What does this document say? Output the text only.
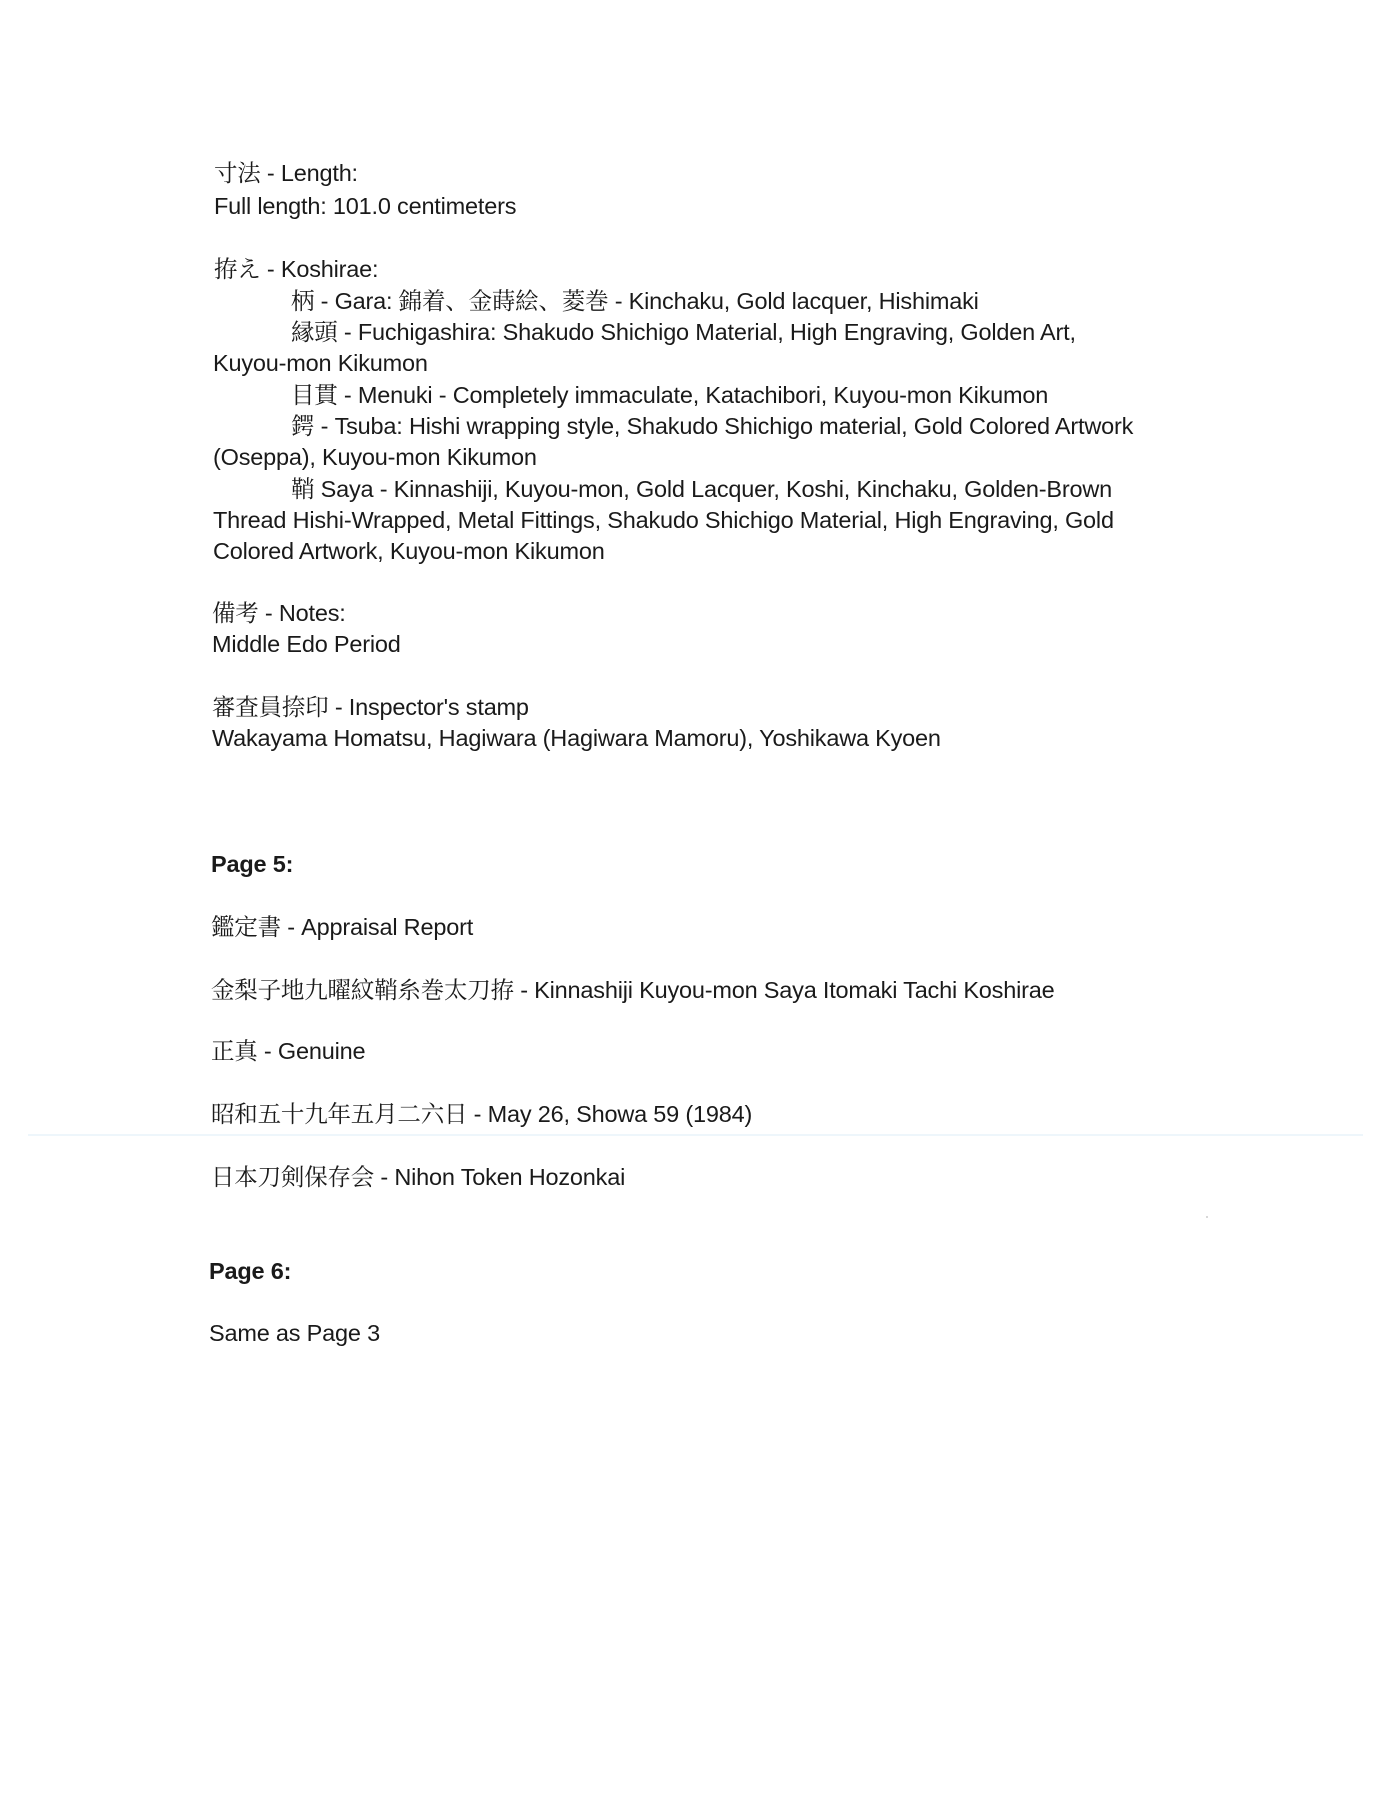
寸法 - Length:
Full length: 101.0 centimeters
拵え - Koshirae:
柄 - Gara: 錦着、金蒔絵、菱巻 - Kinchaku, Gold lacquer, Hishimaki
縁頭 - Fuchigashira: Shakudo Shichigo Material, High Engraving, Golden Art,
Kuyou-mon Kikumon
目貫 - Menuki - Completely immaculate, Katachibori, Kuyou-mon Kikumon
鍔 - Tsuba: Hishi wrapping style, Shakudo Shichigo material, Gold Colored Artwork
(Oseppa), Kuyou-mon Kikumon
鞘 Saya - Kinnashiji, Kuyou-mon, Gold Lacquer, Koshi, Kinchaku, Golden-Brown
Thread Hishi-Wrapped, Metal Fittings, Shakudo Shichigo Material, High Engraving, Gold
Colored Artwork, Kuyou-mon Kikumon
備考 - Notes:
Middle Edo Period
審査員捺印 - Inspector's stamp
Wakayama Homatsu, Hagiwara (Hagiwara Mamoru), Yoshikawa Kyoen
Page 5:
鑑定書 - Appraisal Report
金梨子地九曜紋鞘糸巻太刀拵 - Kinnashiji Kuyou-mon Saya Itomaki Tachi Koshirae
正真 - Genuine
昭和五十九年五月二六日 - May 26, Showa 59 (1984)
日本刀剣保存会 - Nihon Token Hozonkai
Page 6:
Same as Page 3
